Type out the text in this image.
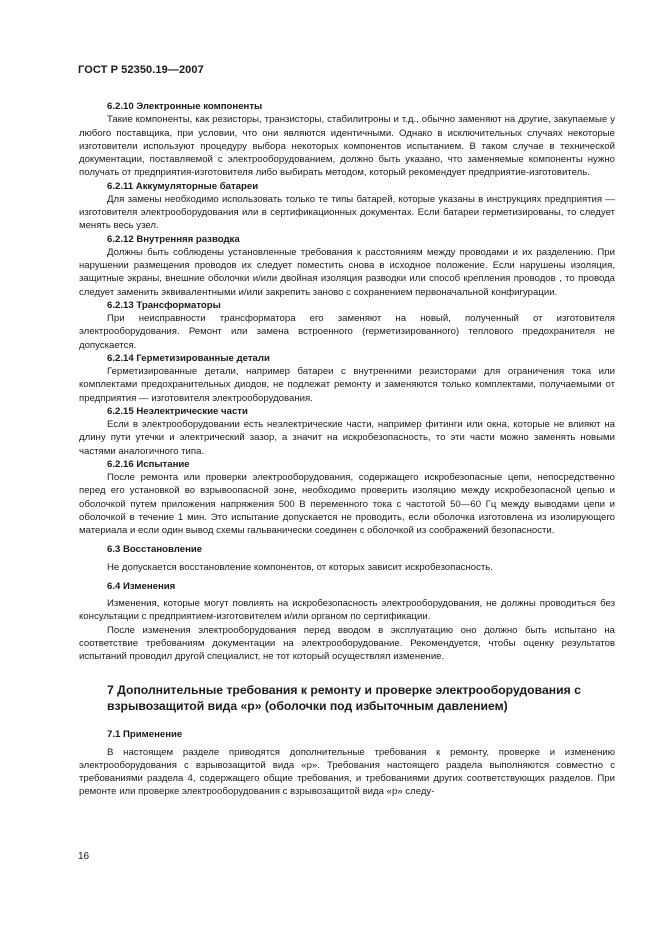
ГОСТ Р 52350.19—2007

6.2.10 Электронные компоненты

Такие компоненты, как резисторы, транзисторы, стабилитроны и т.д., обычно заменяют на другие, закупаемые у любого поставщика, при условии, что они являются идентичными. Однако в исключительных случаях некоторые изготовители используют процедуру выбора некоторых компонентов испытанием. В таком случае в технической документации, поставляемой с электрооборудованием, должно быть указано, что заменяемые компоненты нужно получать от предприятия-изготовителя либо выбирать методом, который рекомендует предприятие-изготовитель.

6.2.11 Аккумуляторные батареи

Для замены необходимо использовать только те типы батарей, которые указаны в инструкциях предприятия — изготовителя электрооборудования или в сертификационных документах. Если батареи герметизированы, то следует менять весь узел.

6.2.12 Внутренняя разводка

Должны быть соблюдены установленные требования к расстояниям между проводами и их разделению. При нарушении размещения проводов их следует поместить снова в исходное положение. Если нарушены изоляция, защитные экраны, внешние оболочки и/или двойная изоляция разводки или способ крепления проводов , то провода следует заменить эквивалентными и/или закрепить заново с сохранением первоначальной конфигурации.

6.2.13 Трансформаторы

При неисправности трансформатора его заменяют на новый, полученный от изготовителя электрооборудования. Ремонт или замена встроенного (герметизированного) теплового предохранителя не допускается.

6.2.14 Герметизированные детали

Герметизированные детали, например батареи с внутренними резисторами для ограничения тока или комплектами предохранительных диодов, не подлежат ремонту и заменяются только комплектами, получаемыми от предприятия — изготовителя электрооборудования.

6.2.15 Неэлектрические части

Если в электрооборудовании есть неэлектрические части, например фитинги или окна, которые не влияют на длину пути утечки и электрический зазор, а значит на искробезопасность, то эти части можно заменять новыми частями аналогичного типа.

6.2.16 Испытание

После ремонта или проверки электрооборудования, содержащего искробезопасные цепи, непосредственно перед его установкой во взрывоопасной зоне, необходимо проверить изоляцию между искробезопасной цепью и оболочкой путем приложения напряжения 500 В переменного тока с частотой 50—60 Гц между выводами цепи и оболочкой в течение 1 мин. Это испытание допускается не проводить, если оболочка изготовлена из изолирующего материала и если один вывод схемы гальванически соединен с оболочкой из соображений безопасности.

6.3 Восстановление

Не допускается восстановление компонентов, от которых зависит искробезопасность.

6.4 Изменения

Изменения, которые могут повлиять на искробезопасность электрооборудования, не должны проводиться без консультации с предприятием-изготовителем и/или органом по сертификации.

После изменения электрооборудования перед вводом в эксплуатацию оно должно быть испытано на соответствие требованиям документации на электрооборудование. Рекомендуется, чтобы оценку результатов испытаний проводил другой специалист, не тот который осуществлял изменение.

7 Дополнительные требования к ремонту и проверке электрооборудования с взрывозащитой вида «р» (оболочки под избыточным давлением)

7.1 Применение

В настоящем разделе приводятся дополнительные требования к ремонту, проверке и изменению электрооборудования с взрывозащитой вида «р». Требования настоящего раздела выполняются совместно с требованиями раздела 4, содержащего общие требования, и требованиями других соответствующих разделов. При ремонте или проверке электрооборудования с взрывозащитой вида «р» следу-

16
